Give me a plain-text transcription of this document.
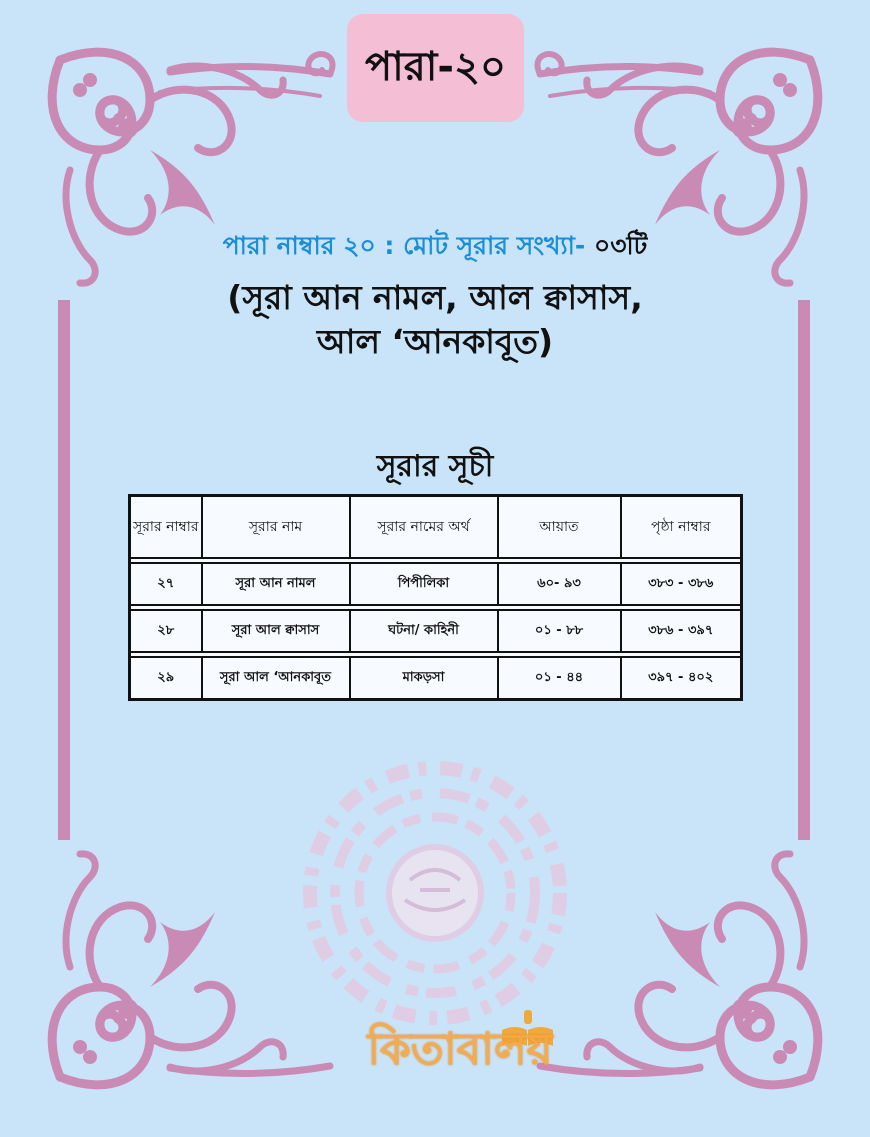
পারা-২০
পারা নাম্বার ২০ : মোট সূরার সংখ্যা- ০৩টি
(সূরা আন নামল, আল ক্বাসাস,
আল ‘আনকাবূত)
সূরার সূচী
সূরার নাম্বার	সূরার নাম	সূরার নামের অর্থ	আয়াত	পৃষ্ঠা নাম্বার

২৭	সূরা আন নামল	পিপীলিকা	৬০- ৯৩	৩৮৩ - ৩৮৬

২৮	সূরা আল ক্বাসাস	ঘটনা/ কাহিনী	০১ - ৮৮	৩৮৬ - ৩৯৭

২৯	সূরা আল ‘আনকাবূত	মাকড়সা	০১ - ৪৪	৩৯৭ - ৪০২
কিতাবালয়
